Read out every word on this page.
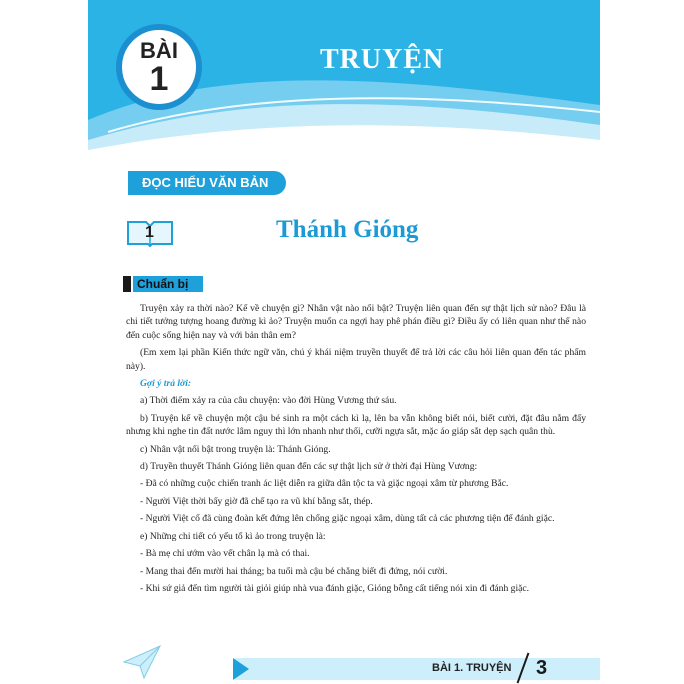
BÀI
1
TRUYỆN
ĐỌC HIỂU VĂN BẢN
1	Thánh Gióng
Chuẩn bị

Truyện xảy ra thời nào? Kể về chuyện gì? Nhân vật nào nổi bật? Truyện liên quan đến sự thật lịch sử nào? Đâu là chi tiết tưởng tượng hoang đường kì ảo? Truyện muốn ca ngợi hay phê phán điều gì? Điều ấy có liên quan như thế nào đến cuộc sống hiện nay và với bản thân em?

(Em xem lại phần Kiến thức ngữ văn, chú ý khái niệm truyền thuyết để trả lời các câu hỏi liên quan đến tác phẩm này).

Gợi ý trả lời:

a) Thời điểm xảy ra của câu chuyện: vào đời Hùng Vương thứ sáu.

b) Truyện kể về chuyện một cậu bé sinh ra một cách kì lạ, lên ba vẫn không biết nói, biết cười, đặt đâu nằm đấy nhưng khi nghe tin đất nước lâm nguy thì lớn nhanh như thổi, cưỡi ngựa sắt, mặc áo giáp sắt dẹp sạch quân thù.

c) Nhân vật nổi bật trong truyện là: Thánh Gióng.

d) Truyền thuyết Thánh Gióng liên quan đến các sự thật lịch sử ở thời đại Hùng Vương:

- Đã có những cuộc chiến tranh ác liệt diễn ra giữa dân tộc ta và giặc ngoại xâm từ phương Bắc.

- Người Việt thời bấy giờ đã chế tạo ra vũ khí bằng sắt, thép.

- Người Việt cổ đã cùng đoàn kết đứng lên chống giặc ngoại xâm, dùng tất cả các phương tiện để đánh giặc.

e) Những chi tiết có yếu tố kì ảo trong truyện là:

- Bà mẹ chỉ ướm vào vết chân lạ mà có thai.

- Mang thai đến mười hai tháng; ba tuổi mà cậu bé chẳng biết đi đứng, nói cười.

- Khi sứ giả đến tìm người tài giỏi giúp nhà vua đánh giặc, Gióng bỗng cất tiếng nói xin đi đánh giặc.

BÀI 1. TRUYỆN 3
